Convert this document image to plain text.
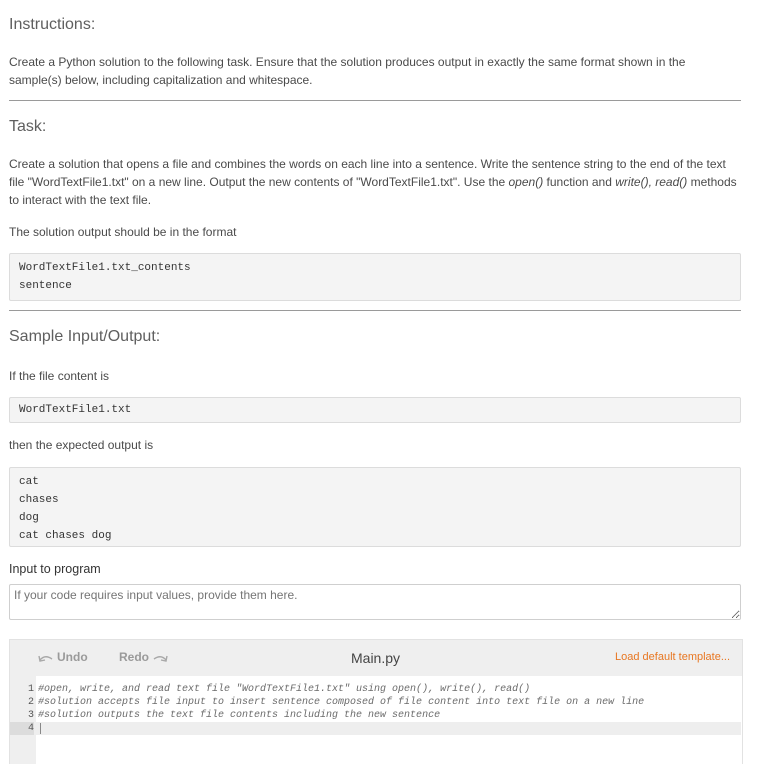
Instructions:

Create a Python solution to the following task. Ensure that the solution produces output in exactly the same format shown in the sample(s) below, including capitalization and whitespace.

Task:

Create a solution that opens a file and combines the words on each line into a sentence. Write the sentence string to the end of the text file "WordTextFile1.txt" on a new line. Output the new contents of "WordTextFile1.txt". Use the open() function and write(), read() methods to interact with the text file.

The solution output should be in the format

WordTextFile1.txt_contents
sentence
Sample Input/Output:

If the file content is

WordTextFile1.txt

then the expected output is

cat
chases
dog
cat chases dog
Input to program
If your code requires input values, provide them here.
Undo	Redo	Main.py	Load default template...
1 #open, write, and read text file "WordTextFile1.txt" using open(), write(), read()
2 #solution accepts file input to insert sentence composed of file content into text file on a new line
3 #solution outputs the text file contents including the new sentence
4
